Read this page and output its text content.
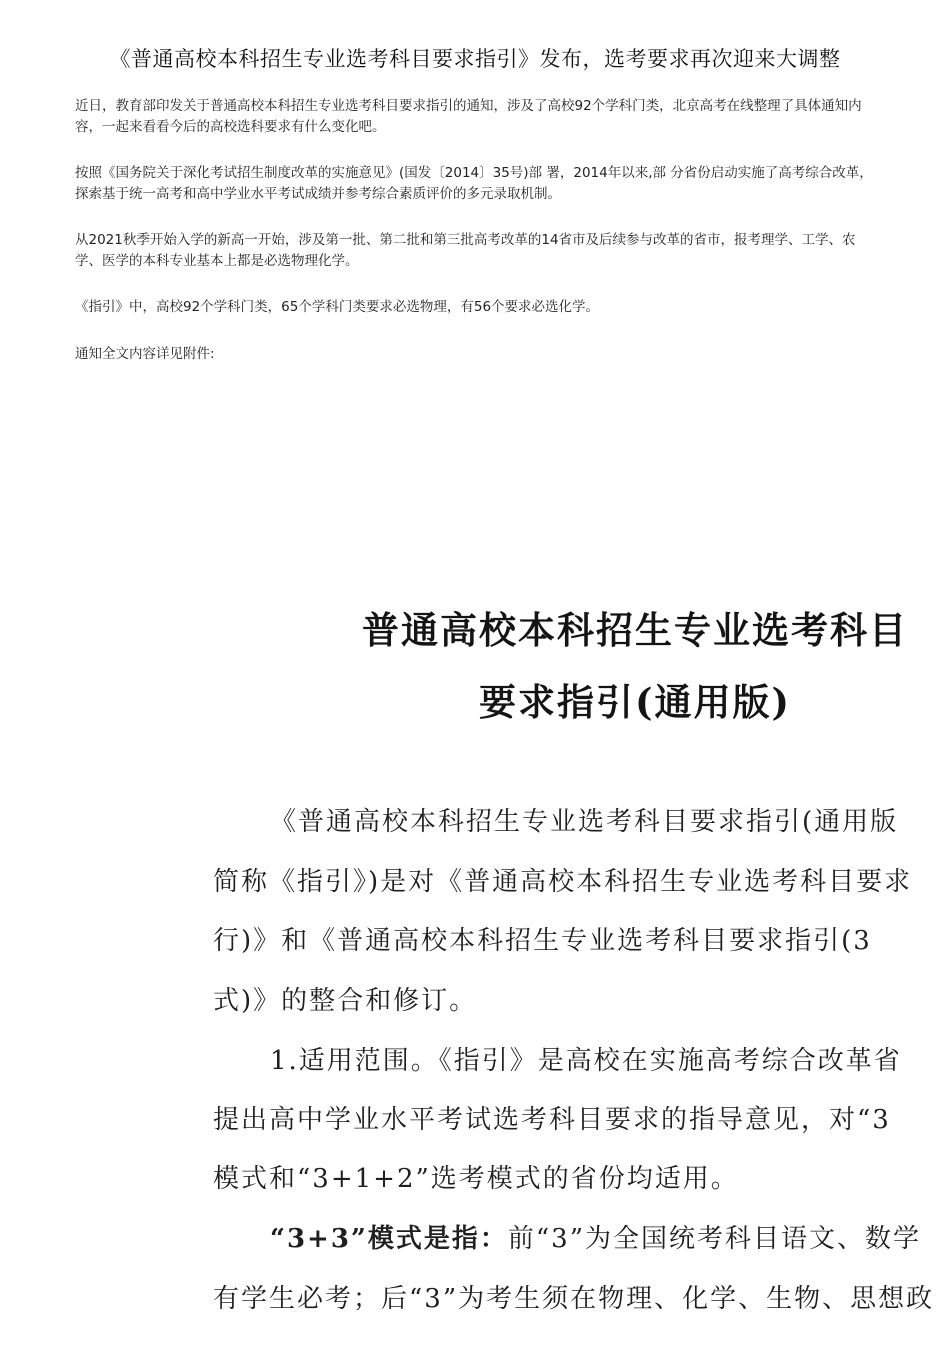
《普通高校本科招生专业选考科目要求指引》发布，选考要求再次迎来大调整

近日，教育部印发关于普通高校本科招生专业选考科目要求指引的通知，涉及了高校92个学科门类，北京高考在线整理了具体通知内容，一起来看看今后的高校选科要求有什么变化吧。

按照《国务院关于深化考试招生制度改革的实施意见》(国发〔2014〕35号)部 署，2014年以来,部 分省份启动实施了高考综合改革，探索基于统一高考和高中学业水平考试成绩并参考综合素质评价的多元录取机制。

从2021秋季开始入学的新高一开始，涉及第一批、第二批和第三批高考改革的14省市及后续参与改革的省市，报考理学、工学、农学、医学的本科专业基本上都是必选物理化学。

《指引》中，高校92个学科门类，65个学科门类要求必选物理，有56个要求必选化学。

通知全文内容详见附件:

普通高校本科招生专业选考科目
要求指引(通用版)
《普通高校本科招生专业选考科目要求指引(通用版
简称《指引》)是对《普通高校本科招生专业选考科目要求
行)》和《普通高校本科招生专业选考科目要求指引(3
式)》的整合和修订。
1.适用范围。《指引》是高校在实施高考综合改革省
提出高中学业水平考试选考科目要求的指导意见，对“3
模式和“3+1+2”选考模式的省份均适用。
“3+3”模式是指：前“3”为全国统考科目语文、数学
有学生必考；后“3”为考生须在物理、化学、生物、思想政
